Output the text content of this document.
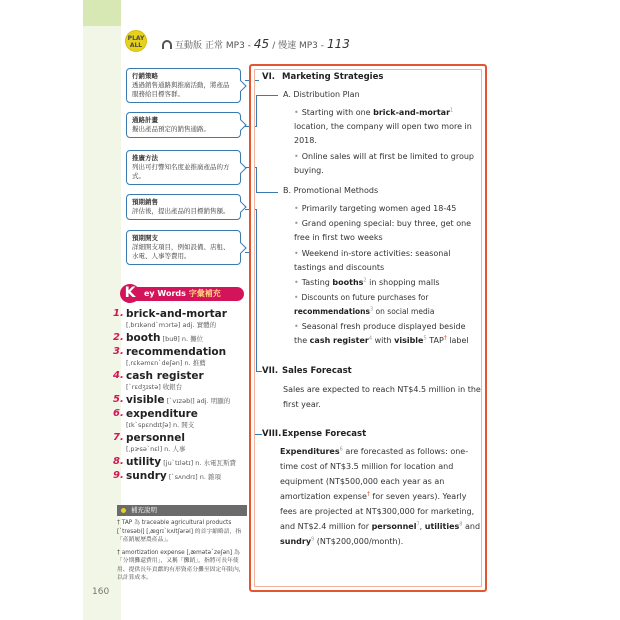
PLAY
ALL	互動版 正常 MP3 - 45 / 慢速 MP3 - 113
行銷策略
透過銷售通路與推廣活動，將產品服務給目標客群。
通路計畫
擬出產品預定的銷售通路。
推廣方法
列出可打響知名度並推廣產品的方式。
預期銷售
評估後，提出產品的目標銷售額。
預期開支
詳細開支項目，例如設備、店租、水電、人事等費用。
ey Words 字彙補充
K
1. brick-and-mortar
[ˌbrɪkəndˋmɔrtə] adj. 實體的
2. booth [buθ] n. 攤位
3. recommendation
[ˌrɛkəmɛnˋdeʃən] n. 推薦
4. cash register
[ˋrɛdʒɪstə] 收銀台
5. visible [ˋvɪzəbḷ] adj. 明顯的
6. expenditure
[ɪkˋspɛndɪtʃə] n. 開支
7. personnel
[ˌpɝsəˋnɛl] n. 人事
8. utility [juˋtɪlətɪ] n. 水電瓦斯費
9. sundry [ˋsʌndrɪ] n. 雜項
補充說明

† TAP 為 traceable agricultural products [ˋtresəbḷ] [ˌægrɪˋkʌltʃərəl] 的首字縮略語，指「產銷履歷農產品」。

† amortization expense [ˌæmətəˋzeʃən] 為「分期攤還費用」，又稱「攤銷」，指將可長年使用、提供長年貢獻的有形資產分攤至固定年限內，以計算成本。

160
VI. Marketing Strategies
A. Distribution Plan
• Starting with one brick-and-mortar$^1$ location, the company will open two more in 2018.
• Online sales will at first be limited to group buying.
B. Promotional Methods
• Primarily targeting women aged 18-45
• Grand opening special: buy three, get one free in first two weeks
• Weekend in-store activities: seasonal tastings and discounts
• Tasting booths$^2$ in shopping malls
• Discounts on future purchases for recommendations$^3$ on social media
• Seasonal fresh produce displayed beside the cash register$^4$ with visible$^5$ TAP† label
VII. Sales Forecast
Sales are expected to reach NT$4.5 million in the first year.
VIII.Expense Forecast
Expenditures$^6$ are forecasted as follows: one-time cost of NT$3.5 million for location and equipment (NT$500,000 each year as an amortization expense† for seven years). Yearly fees are projected at NT$300,000 for marketing, and NT$2.4 million for personnel$^7$, utilities$^8$ and sundry$^9$ (NT$200,000/month).
